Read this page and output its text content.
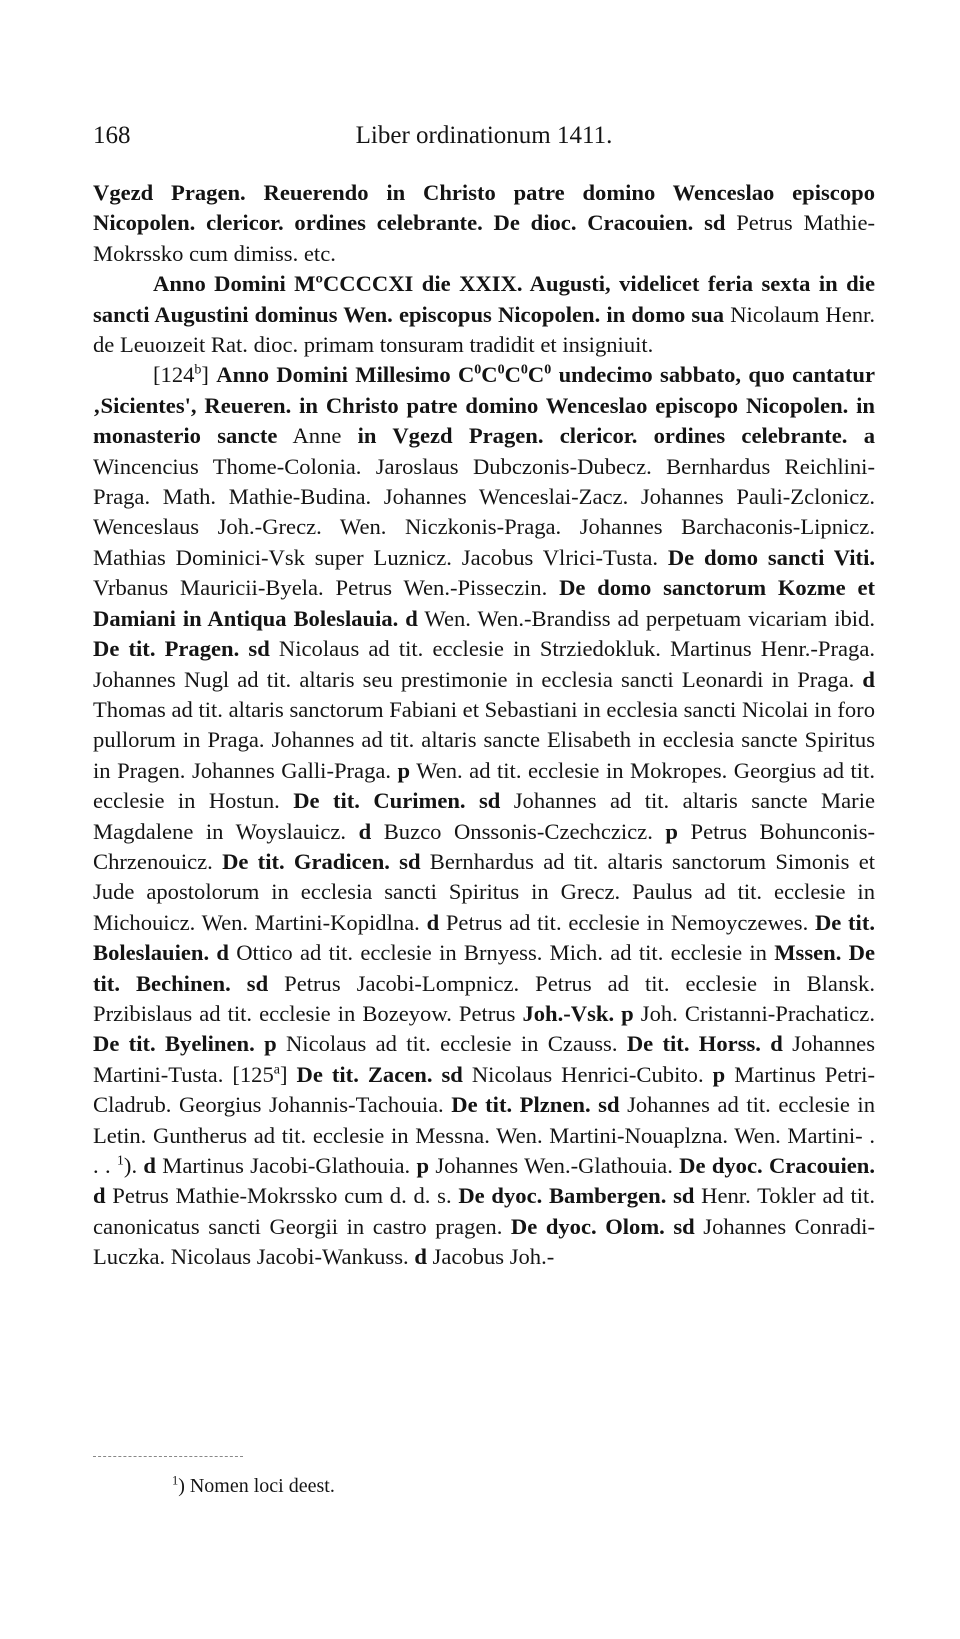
168	Liber ordinationum 1411.

Vgezd Pragen. Reuerendo in Christo patre domino Wenceslao episcopo Nicopolen. clericor. ordines celebrante. De dioc. Cracouien. sd Petrus Mathie-Mokrssko cum dimiss. etc.

Anno Domini MºCCCCXI die XXIX. Augusti, videlicet feria sexta in die sancti Augustini dominus Wen. episcopus Nicopolen. in domo sua Nicolaum Henr. de Leuoızeit Rat. dioc. primam tonsuram tradidit et insigniuit.

[124$^b$] Anno Domini Millesimo $C^0C^0C^0C^0$ undecimo sabbato, quo cantatur ‚Sicientes', Reueren. in Christo patre domino Wenceslao episcopo Nicopolen. in monasterio sancte Anne in Vgezd Pragen. clericor. ordines celebrante. a Wincencius Thome-Colonia. Jaroslaus Dubczonis-Dubecz. Bernhardus Reichlini-Praga. Math. Mathie-Budina. Johannes Wenceslai-Zacz. Johannes Pauli-Zclonicz. Wenceslaus Joh.-Grecz. Wen. Niczkonis-Praga. Johannes Barchaconis-Lipnicz. Mathias Dominici-Vsk super Luznicz. Jacobus Vlrici-Tusta. De domo sancti Viti. Vrbanus Mauricii-Byela. Petrus Wen.-Pisseczin. De domo sanctorum Kozme et Damiani in Antiqua Boleslauia. d Wen. Wen.-Brandiss ad perpetuam vicariam ibid. De tit. Pragen. sd Nicolaus ad tit. ecclesie in Strziedokluk. Martinus Henr.-Praga. Johannes Nugl ad tit. altaris seu prestimonie in ecclesia sancti Leonardi in Praga. d Thomas ad tit. altaris sanctorum Fabiani et Sebastiani in ecclesia sancti Nicolai in foro pullorum in Praga. Johannes ad tit. altaris sancte Elisabeth in ecclesia sancte Spiritus in Pragen. Johannes Galli-Praga. p Wen. ad tit. ecclesie in Mokropes. Georgius ad tit. ecclesie in Hostun. De tit. Curimen. sd Johannes ad tit. altaris sancte Marie Magdalene in Woyslauicz. d Buzco Onssonis-Czechczicz. p Petrus Bohunconis-Chrzenouicz. De tit. Gradicen. sd Bernhardus ad tit. altaris sanctorum Simonis et Jude apostolorum in ecclesia sancti Spiritus in Grecz. Paulus ad tit. ecclesie in Michouicz. Wen. Martini-Kopidlna. d Petrus ad tit. ecclesie in Nemoyczewes. De tit. Boleslauien. d Ottico ad tit. ecclesie in Brnyess. Mich. ad tit. ecclesie in Mssen. De tit. Bechinen. sd Petrus Jacobi-Lompnicz. Petrus ad tit. ecclesie in Blansk. Przibislaus ad tit. ecclesie in Bozeyow. Petrus Joh.-Vsk. p Joh. Cristanni-Prachaticz. De tit. Byelinen. p Nicolaus ad tit. ecclesie in Czauss. De tit. Horss. d Johannes Martini-Tusta. [125$^a$] De tit. Zacen. sd Nicolaus Henrici-Cubito. p Martinus Petri-Cladrub. Georgius Johannis-Tachouia. De tit. Plznen. sd Johannes ad tit. ecclesie in Letin. Guntherus ad tit. ecclesie in Messna. Wen. Martini-Nouaplzna. Wen. Martini- . . . $^1$). d Martinus Jacobi-Glathouia. p Johannes Wen.-Glathouia. De dyoc. Cracouien. d Petrus Mathie-Mokrssko cum d. d. s. De dyoc. Bambergen. sd Henr. Tokler ad tit. canonicatus sancti Georgii in castro pragen. De dyoc. Olom. sd Johannes Conradi-Luczka. Nicolaus Jacobi-Wankuss. d Jacobus Joh.-

$^1$) Nomen loci deest.
